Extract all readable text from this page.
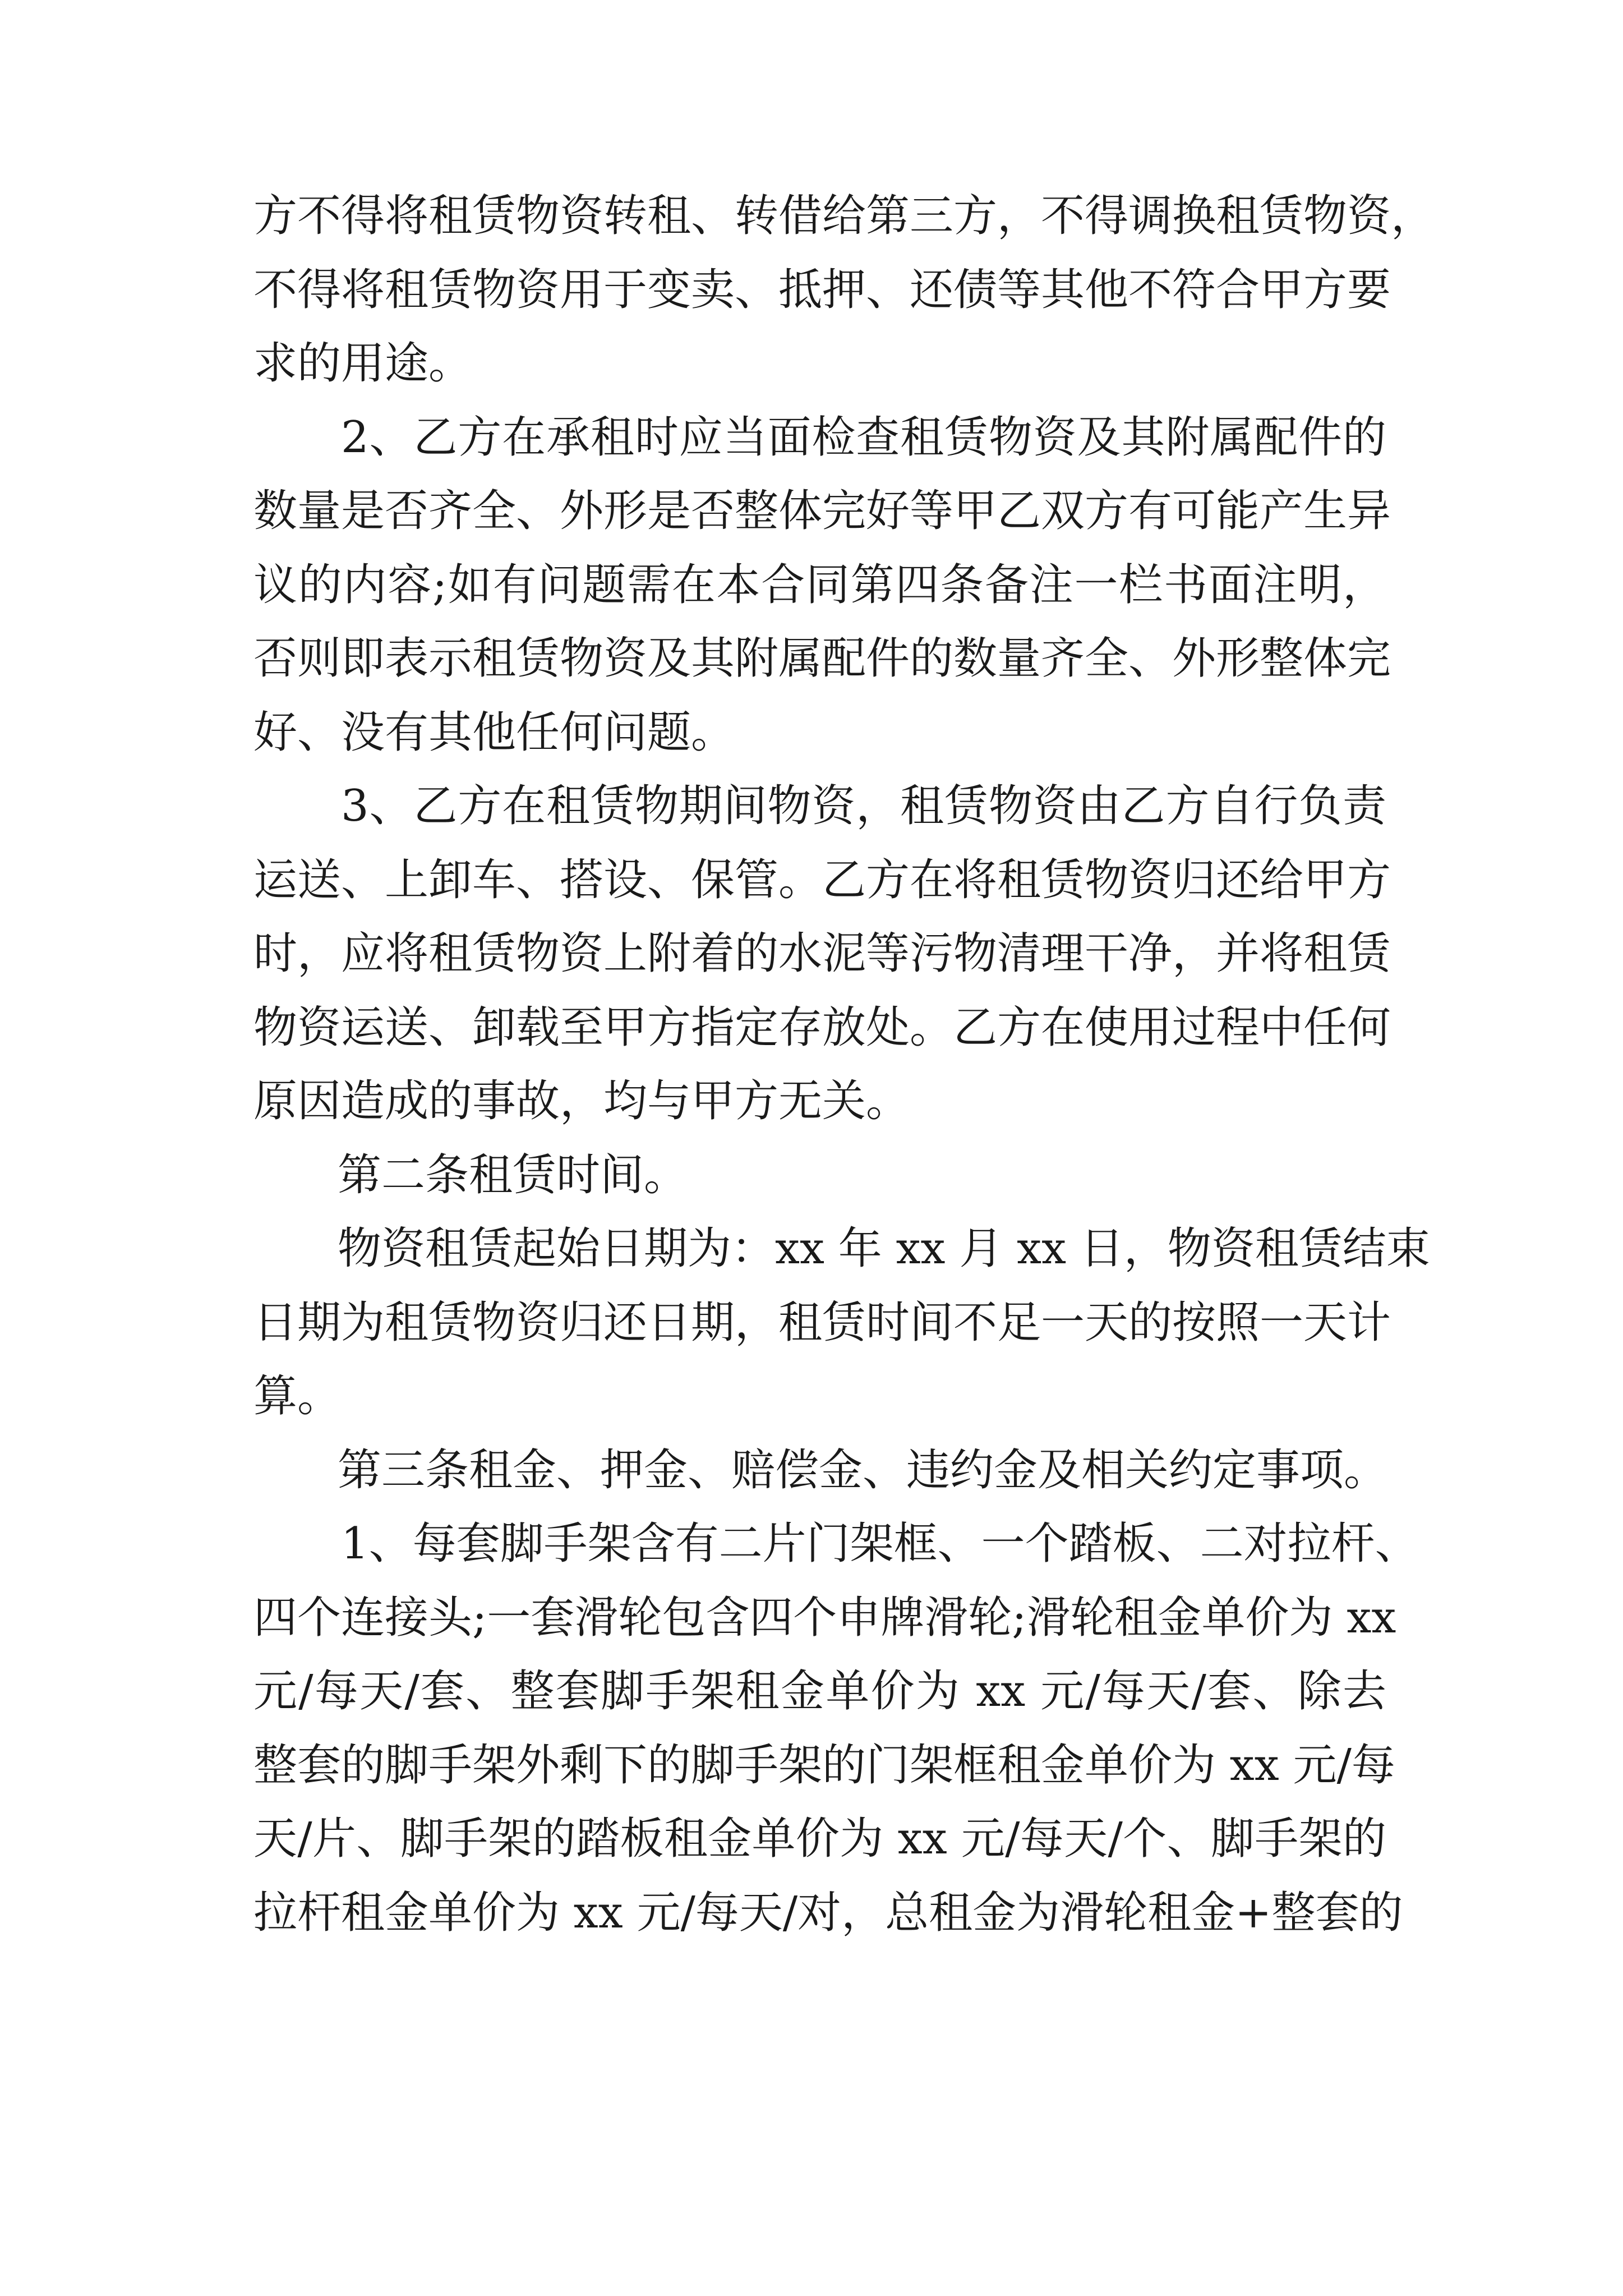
方不得将租赁物资转租、转借给第三方，不得调换租赁物资，

不得将租赁物资用于变卖、抵押、还债等其他不符合甲方要

求的用途。

2、乙方在承租时应当面检查租赁物资及其附属配件的

数量是否齐全、外形是否整体完好等甲乙双方有可能产生异

议的内容;如有问题需在本合同第四条备注一栏书面注明，

否则即表示租赁物资及其附属配件的数量齐全、外形整体完

好、没有其他任何问题。

3、乙方在租赁物期间物资，租赁物资由乙方自行负责

运送、上卸车、搭设、保管。乙方在将租赁物资归还给甲方

时，应将租赁物资上附着的水泥等污物清理干净，并将租赁

物资运送、卸载至甲方指定存放处。乙方在使用过程中任何

原因造成的事故，均与甲方无关。

第二条租赁时间。

物资租赁起始日期为：xx 年 xx 月 xx 日，物资租赁结束

日期为租赁物资归还日期，租赁时间不足一天的按照一天计

算。

第三条租金、押金、赔偿金、违约金及相关约定事项。

1、每套脚手架含有二片门架框、一个踏板、二对拉杆、

四个连接头;一套滑轮包含四个申牌滑轮;滑轮租金单价为 xx

元/每天/套、整套脚手架租金单价为 xx 元/每天/套、除去

整套的脚手架外剩下的脚手架的门架框租金单价为 xx 元/每

天/片、脚手架的踏板租金单价为 xx 元/每天/个、脚手架的

拉杆租金单价为 xx 元/每天/对，总租金为滑轮租金+整套的
